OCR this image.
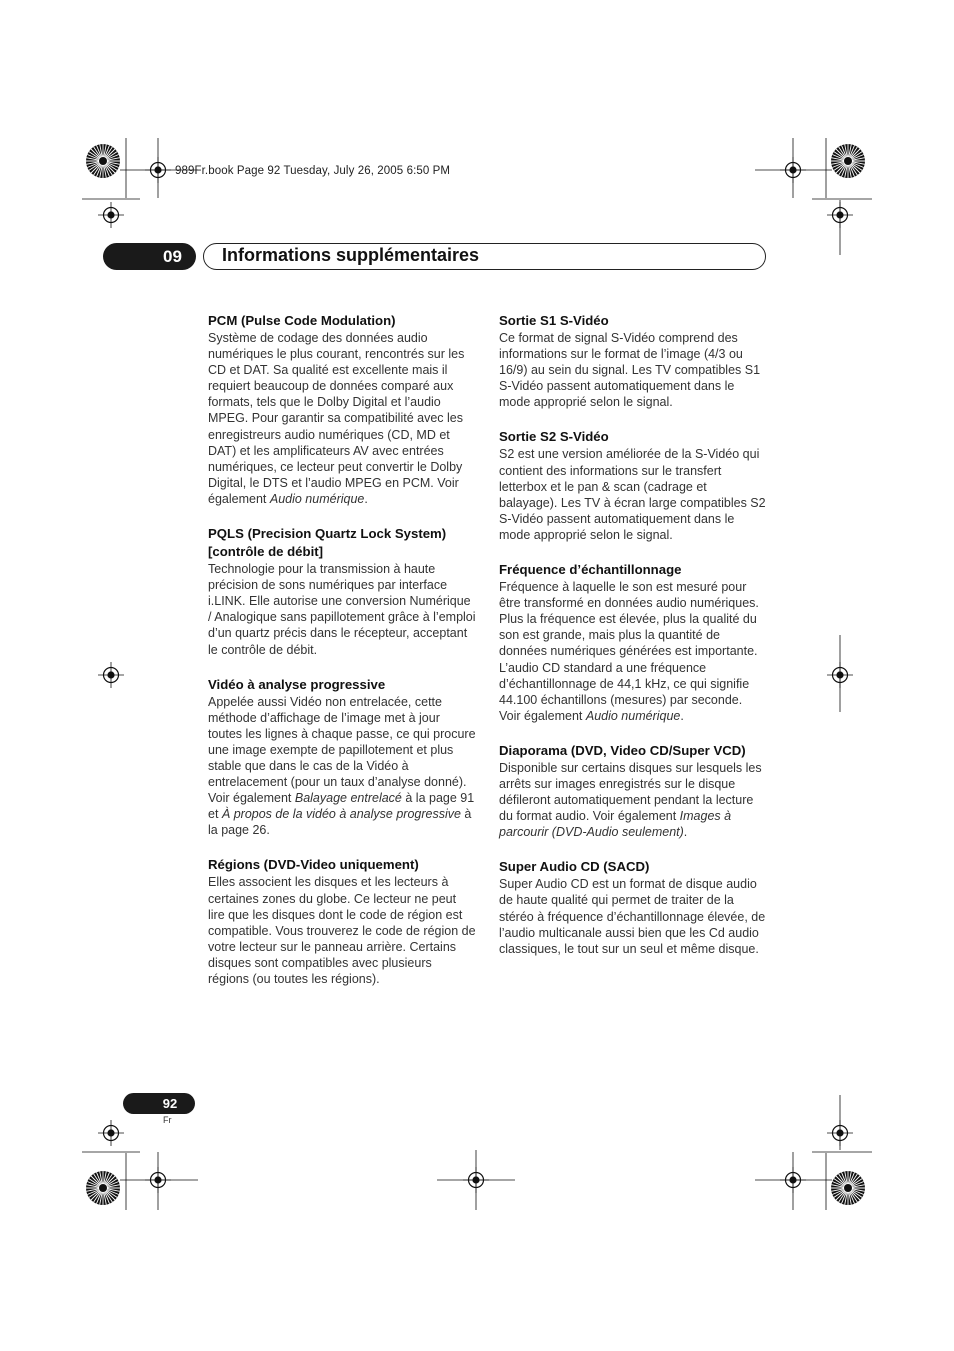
989Fr.book Page 92 Tuesday, July 26, 2005 6:50 PM
09 Informations supplémentaires
PCM (Pulse Code Modulation)
Système de codage des données audio numériques le plus courant, rencontrés sur les CD et DAT. Sa qualité est excellente mais il requiert beaucoup de données comparé aux formats, tels que le Dolby Digital et l’audio MPEG. Pour garantir sa compatibilité avec les enregistreurs audio numériques (CD, MD et DAT) et les amplificateurs AV avec entrées numériques, ce lecteur peut convertir le Dolby Digital, le DTS et l’audio MPEG en PCM. Voir également Audio numérique.
PQLS (Precision Quartz Lock System) [contrôle de débit]
Technologie pour la transmission à haute précision de sons numériques par interface i.LINK. Elle autorise une conversion Numérique / Analogique sans papillotement grâce à l’emploi d’un quartz précis dans le récepteur, acceptant le contrôle de débit.
Vidéo à analyse progressive
Appelée aussi Vidéo non entrelacée, cette méthode d’affichage de l’image met à jour toutes les lignes à chaque passe, ce qui procure une image exempte de papillotement et plus stable que dans le cas de la Vidéo à entrelacement (pour un taux d’analyse donné). Voir également Balayage entrelacé à la page 91 et À propos de la vidéo à analyse progressive à la page 26.
Régions (DVD-Video uniquement)
Elles associent les disques et les lecteurs à certaines zones du globe. Ce lecteur ne peut lire que les disques dont le code de région est compatible. Vous trouverez le code de région de votre lecteur sur le panneau arrière. Certains disques sont compatibles avec plusieurs régions (ou toutes les régions).
Sortie S1 S-Vidéo
Ce format de signal S-Vidéo comprend des informations sur le format de l’image (4/3 ou 16/9) au sein du signal. Les TV compatibles S1 S-Vidéo passent automatiquement dans le mode approprié selon le signal.
Sortie S2 S-Vidéo
S2 est une version améliorée de la S-Vidéo qui contient des informations sur le transfert letterbox et le pan & scan (cadrage et balayage). Les TV à écran large compatibles S2 S-Vidéo passent automatiquement dans le mode approprié selon le signal.
Fréquence d’échantillonnage
Fréquence à laquelle le son est mesuré pour être transformé en données audio numériques. Plus la fréquence est élevée, plus la qualité du son est grande, mais plus la quantité de données numériques générées est importante. L’audio CD standard a une fréquence d’échantillonnage de 44,1 kHz, ce qui signifie 44.100 échantillons (mesures) par seconde. Voir également Audio numérique.
Diaporama (DVD, Video CD/Super VCD)
Disponible sur certains disques sur lesquels les arrêts sur images enregistrés sur le disque défileront automatiquement pendant la lecture du format audio. Voir également Images à parcourir (DVD-Audio seulement).
Super Audio CD (SACD)
Super Audio CD est un format de disque audio de haute qualité qui permet de traiter de la stéréo à fréquence d’échantillonnage élevée, de l’audio multicanale aussi bien que les Cd audio classiques, le tout sur un seul et même disque.
92
Fr
